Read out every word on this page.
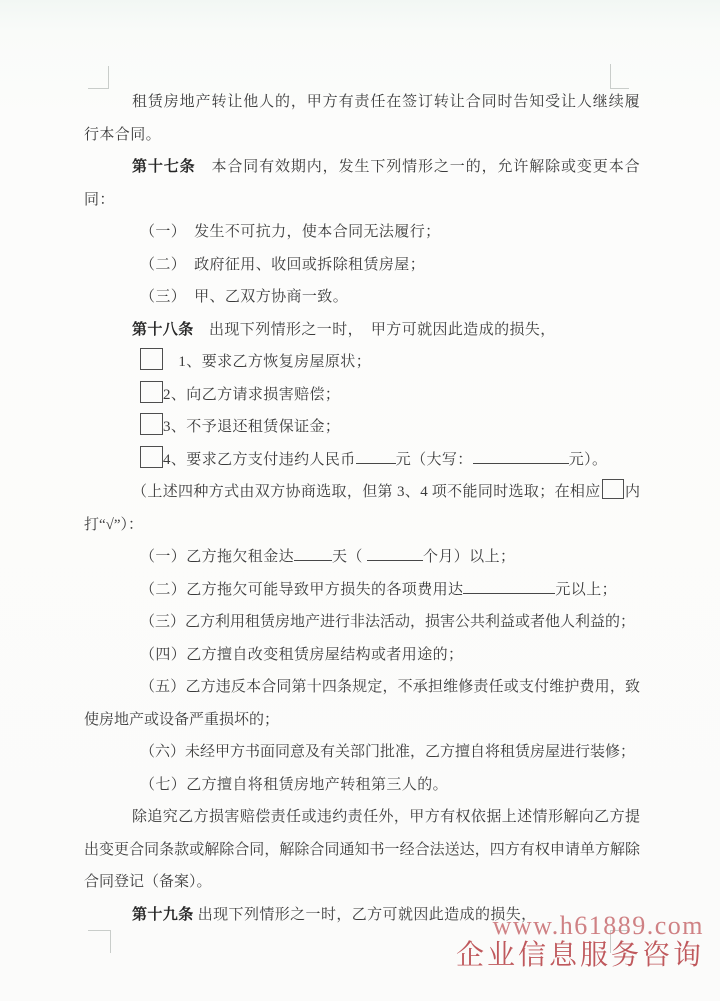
租赁房地产转让他人的，甲方有责任在签订转让合同时告知受让人继续履行本合同。

第十七条　本合同有效期内，发生下列情形之一的，允许解除或变更本合同：

（一）　发生不可抗力，使本合同无法履行；

（二）　政府征用、收回或拆除租赁房屋；

（三）　甲、乙双方协商一致。

第十八条　出现下列情形之一时，　甲方可就因此造成的损失，

　1、要求乙方恢复房屋原状；

2、向乙方请求损害赔偿；

3、不予退还租赁保证金；

4、要求乙方支付违约人民币	元（大写：	元）。

（上述四种方式由双方协商选取，但第 3、4 项不能同时选取；在相应 内打“√”）：

（一）乙方拖欠租金达	天（	个月）以上；

（二）乙方拖欠可能导致甲方损失的各项费用达	元以上；

（三）乙方利用租赁房地产进行非法活动，损害公共利益或者他人利益的；

（四）乙方擅自改变租赁房屋结构或者用途的；

（五）乙方违反本合同第十四条规定，不承担维修责任或支付维护费用，致使房地产或设备严重损坏的；

（六）未经甲方书面同意及有关部门批准，乙方擅自将租赁房屋进行装修；

（七）乙方擅自将租赁房地产转租第三人的。

除追究乙方损害赔偿责任或违约责任外，甲方有权依据上述情形解向乙方提出变更合同条款或解除合同，解除合同通知书一经合法送达，四方有权申请单方解除合同登记（备案）。

第十九条 出现下列情形之一时，乙方可就因此造成的损失，

www.h61889.com
企业信息服务咨询
